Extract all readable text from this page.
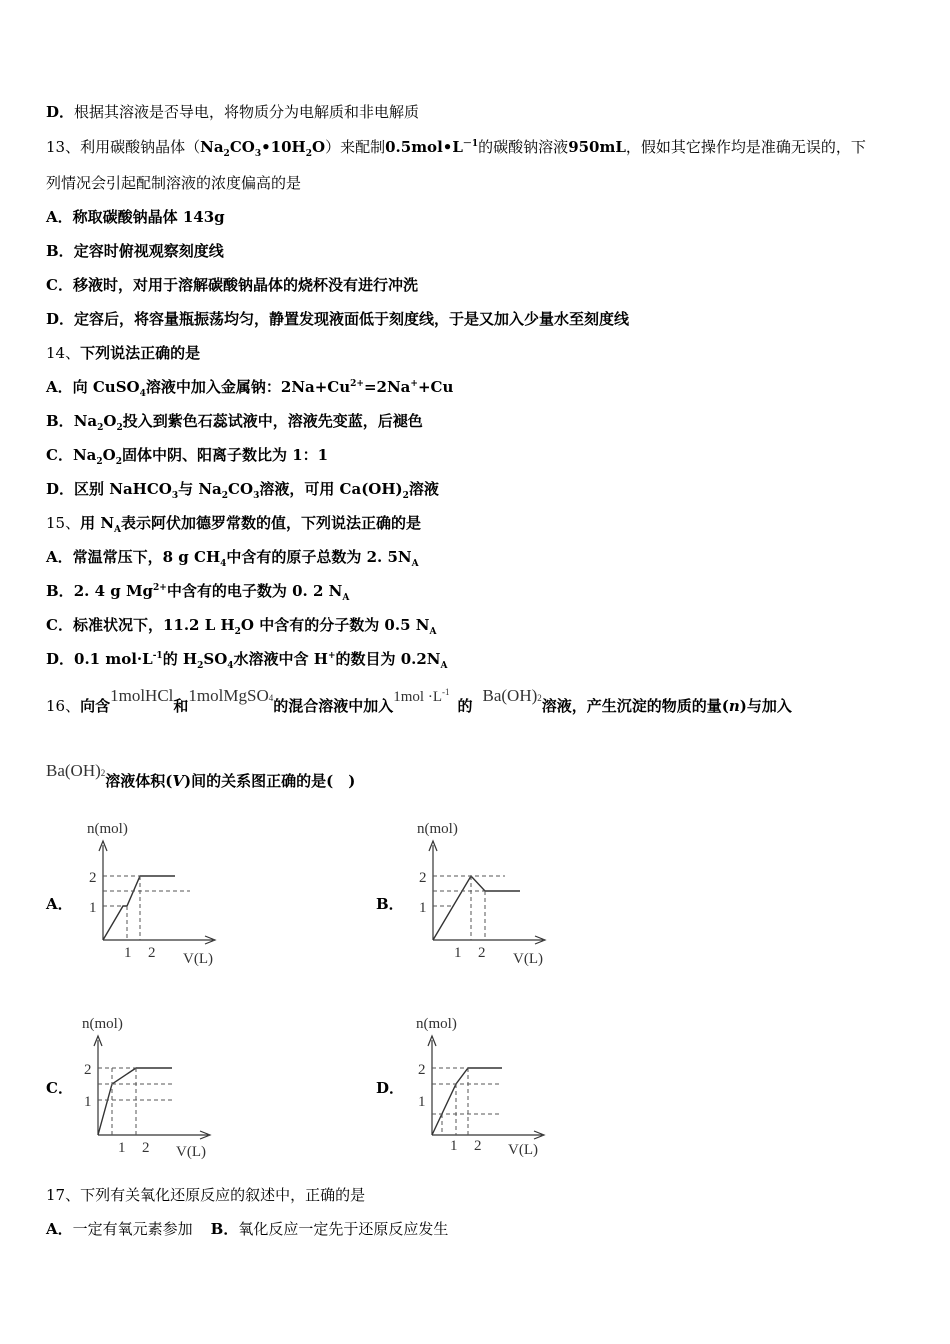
D．根据其溶液是否导电，将物质分为电解质和非电解质
13、利用碳酸钠晶体$(Na_2CO_3•10H_2O)$来配制$0.5mol•L^{-1}$的碳酸钠溶液950mL，假如其它操作均是准确无误的，下
列情况会引起配制溶液的浓度偏高的是
A．称取碳酸钠晶体 143g
B．定容时俯视观察刻度线
C．移液时，对用于溶解碳酸钠晶体的烧杯没有进行冲洗
D．定容后，将容量瓶振荡均匀，静置发现液面低于刻度线，于是又加入少量水至刻度线
14、下列说法正确的是
A．向 CuSO$_4$溶液中加入金属钠：$2Na+Cu^{2+}=2Na^++Cu$
B．$Na_2O_2$投入到紫色石蕊试液中，溶液先变蓝，后褪色
C．$Na_2O_2$固体中阴、阳离子数比为 1：1
D．区别 NaHCO$_3$与 $Na_2CO_3$溶液，可用 $Ca(OH)_2$溶液
15、用 $N_A$表示阿伏加德罗常数的值，下列说法正确的是
A．常温常压下，8 g $CH_4$中含有的原子总数为 2. $5N_A$
B．2. 4 g $Mg^{2+}$中含有的电子数为 0. 2 $N_A$
C．标准状况下，11.2 L $H_2O$ 中含有的分子数为 0.5 $N_A$
D．0.1 $mol\cdot L^{-1}$的 $H_2SO_4$水溶液中含 H+的数目为 $0.2N_A$
16、向含1molHCl和1molMgSO4的混合溶液中加入$1mol \cdot L^{-1}$的Ba(OH)2溶液，产生沉淀的物质的量(n)与加入
Ba(OH)2溶液体积(V)间的关系图正确的是(　)
A．	B．
C．	D．
n(mol)
2
1
1 2 V(L)
n(mol)
2
1
1 2 V(L)
n(mol)
2
1
1 2 V(L)
n(mol)
2
1
1 2 V(L)
17、下列有关氧化还原反应的叙述中，正确的是
A．一定有氧元素参加 B．氧化反应一定先于还原反应发生
